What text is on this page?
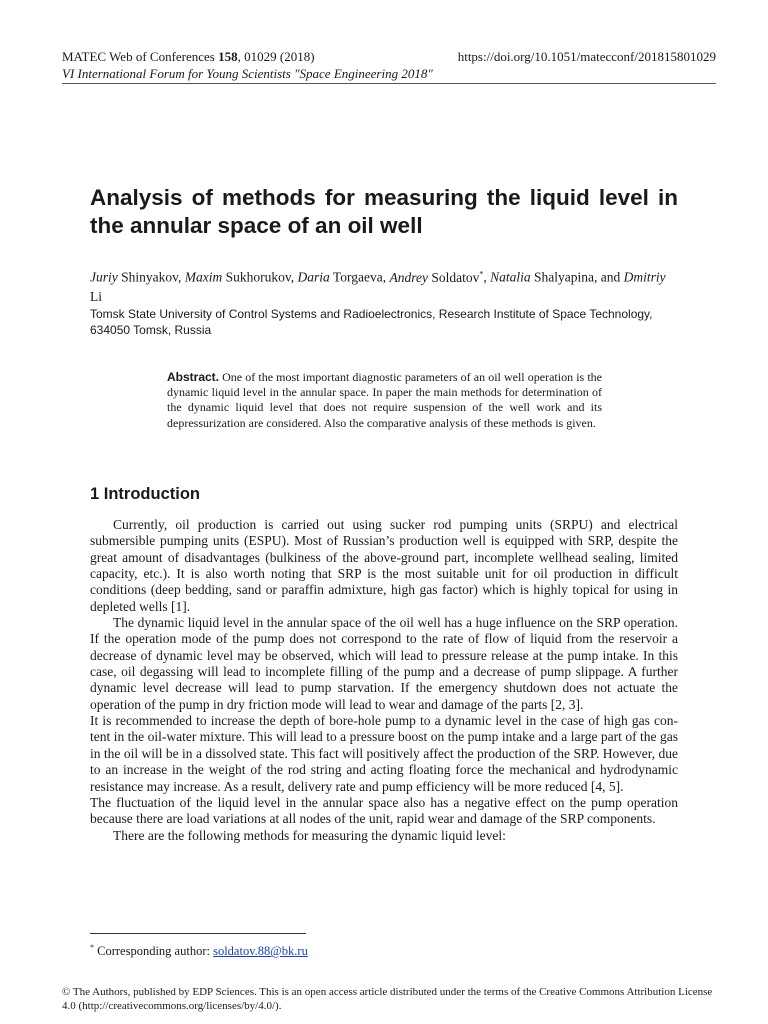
MATEC Web of Conferences 158, 01029 (2018)	https://doi.org/10.1051/matecconf/201815801029
VI International Forum for Young Scientists "Space Engineering 2018"
Analysis of methods for measuring the liquid level in the annular space of an oil well
Juriy Shinyakov, Maxim Sukhorukov, Daria Torgaeva, Andrey Soldatov*, Natalia Shalyapina, and Dmitriy Li
Tomsk State University of Control Systems and Radioelectronics, Research Institute of Space Technology, 634050 Tomsk, Russia
Abstract. One of the most important diagnostic parameters of an oil well operation is the dynamic liquid level in the annular space. In paper the main methods for determination of the dynamic liquid level that does not require suspension of the well work and its depressurization are considered. Also the comparative analysis of these methods is given.
1 Introduction

Currently, oil production is carried out using sucker rod pumping units (SRPU) and electrical submersible pumping units (ESPU). Most of Russian’s production well is equipped with SRP, despite the great amount of disadvantages (bulkiness of the above-ground part, incomplete wellhead sealing, limited capacity, etc.). It is also worth noting that SRP is the most suitable unit for oil production in difficult conditions (deep bedding, sand or paraffin admixture, high gas factor) which is highly topical for using in depleted wells [1].

The dynamic liquid level in the annular space of the oil well has a huge influence on the SRP operation. If the operation mode of the pump does not correspond to the rate of flow of liquid from the reservoir a decrease of dynamic level may be observed, which will lead to pressure release at the pump intake. In this case, oil degassing will lead to incomplete filling of the pump and a decrease of pump slippage. A further dynamic level decrease will lead to pump starvation. If the emergency shutdown does not actuate the operation of the pump in dry friction mode will lead to wear and damage of the parts [2, 3].

It is recommended to increase the depth of bore-hole pump to a dynamic level in the case of high gas con-tent in the oil-water mixture. This will lead to a pressure boost on the pump intake and a large part of the gas in the oil will be in a dissolved state. This fact will positively affect the production of the SRP. However, due to an increase in the weight of the rod string and acting floating force the mechanical and hydrodynamic resistance may increase. As a result, delivery rate and pump efficiency will be more reduced [4, 5].

The fluctuation of the liquid level in the annular space also has a negative effect on the pump operation because there are load variations at all nodes of the unit, rapid wear and damage of the SRP components.

There are the following methods for measuring the dynamic liquid level:

* Corresponding author: soldatov.88@bk.ru
© The Authors, published by EDP Sciences. This is an open access article distributed under the terms of the Creative Commons Attribution License 4.0 (http://creativecommons.org/licenses/by/4.0/).
